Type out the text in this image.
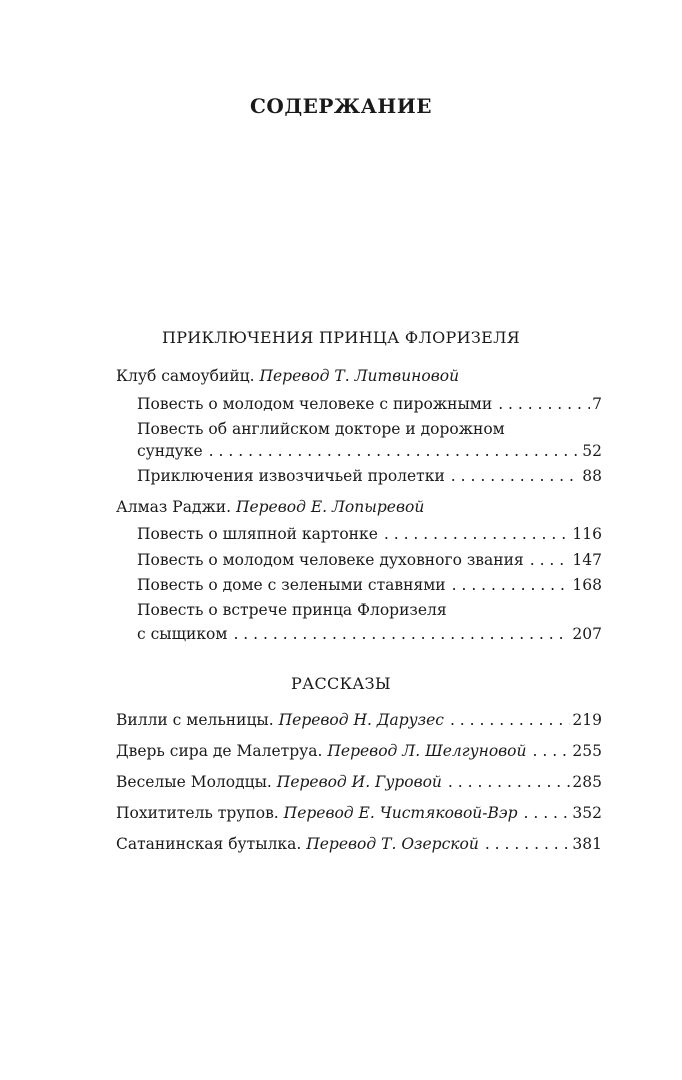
СОДЕРЖАНИЕ
ПРИКЛЮЧЕНИЯ ПРИНЦА ФЛОРИЗЕЛЯ
Клуб самоубийц. Перевод Т. Литвиновой
Повесть о молодом человеке с пирожными . . .	7
Повесть об английском докторе и дорожном
сундуке . . .	52
Приключения извозчичьей пролетки . . .	88
Алмаз Раджи. Перевод Е. Лопыревой
Повесть о шляпной картонке . . .	116
Повесть о молодом человеке духовного звания . . .	147
Повесть о доме с зелеными ставнями . . .	168
Повесть о встрече принца Флоризеля
с сыщиком . . .	207
РАССКАЗЫ
Вилли с мельницы. Перевод Н. Дарузес . . .	219
Дверь сира де Малетруа. Перевод Л. Шелгуновой . . .	255
Веселые Молодцы. Перевод И. Гуровой . . .	285
Похититель трупов. Перевод Е. Чистяковой-Вэр . . .	352
Сатанинская бутылка. Перевод Т. Озерской . . .	381
